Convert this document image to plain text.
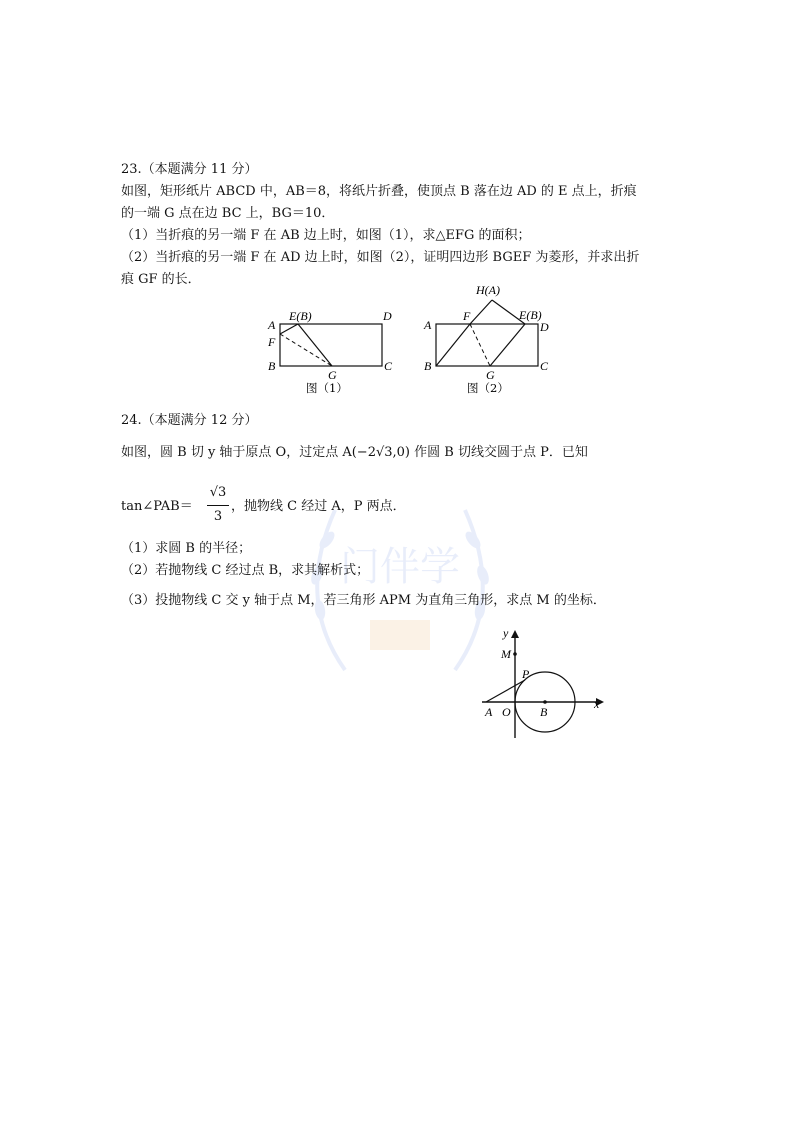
门伴学
23.（本题满分 11 分）
如图，矩形纸片 ABCD 中，AB＝8，将纸片折叠，使顶点 B 落在边 AD 的 E 点上，折痕
的一端 G 点在边 BC 上，BG＝10．
（1）当折痕的另一端 F 在 AB 边上时，如图（1），求△EFG 的面积；
（2）当折痕的另一端 F 在 AD 边上时，如图（2），证明四边形 BGEF 为菱形，并求出折
痕 GF 的长．
A
E(B)	D
F
B
G
C
图（1）
H(A)
A
F	E(B)
D
B
G
C
图（2）
24.（本题满分 12 分）
如图，圆 B 切 y 轴于原点 O，过定点 A(−2√3,0) 作圆 B 切线交圆于点 P．已知
tan∠PAB＝
√3
3
，抛物线 C 经过 A，P 两点．
（1）求圆 B 的半径；
（2）若抛物线 C 经过点 B，求其解析式；
（3）投抛物线 C 交 y 轴于点 M，若三角形 APM 为直角三角形，求点 M 的坐标．
y
M
P
A O B
x
